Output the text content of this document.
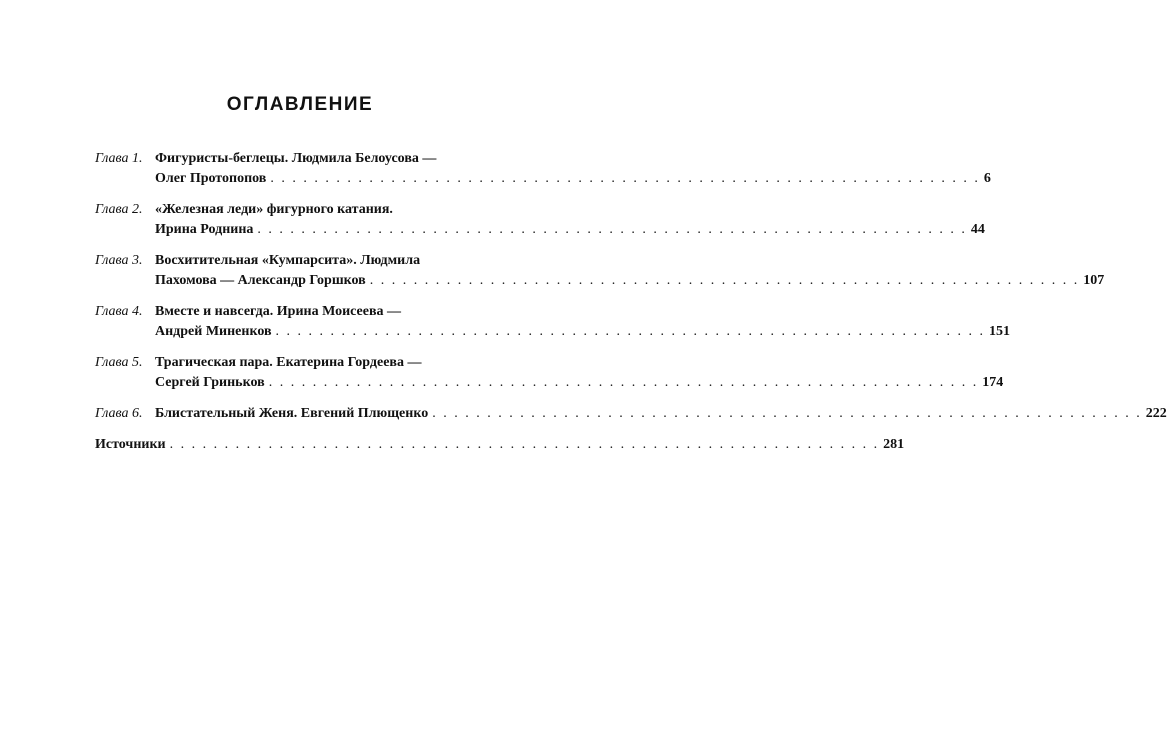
ОГЛАВЛЕНИЕ
Глава 1. Фигуристы-беглецы. Людмила Белоусова —
Олег Протопопов . . . . . . . . . . . . . . . . . . . . . . . . . . . . . . . . . . . . . . . . . . . . . . . . . . . . . . . . . . . . . . . . . 6
Глава 2. «Железная леди» фигурного катания.
Ирина Роднина . . . . . . . . . . . . . . . . . . . . . . . . . . . . . . . . . . . . . . . . . . . . . . . . . . . . . . . . . . . . . . . . . 44
Глава 3. Восхитительная «Кумпарсита». Людмила
Пахомова — Александр Горшков . . . . . . . . . . . . . . . . . . . . . . . . . . . . . . . . . . . . . . . . . . . . . . . . . . . . . . . . . . . . . . . . . 107
Глава 4. Вместе и навсегда. Ирина Моисеева —
Андрей Миненков . . . . . . . . . . . . . . . . . . . . . . . . . . . . . . . . . . . . . . . . . . . . . . . . . . . . . . . . . . . . . . . . . 151
Глава 5. Трагическая пара. Екатерина Гордеева —
Сергей Гриньков . . . . . . . . . . . . . . . . . . . . . . . . . . . . . . . . . . . . . . . . . . . . . . . . . . . . . . . . . . . . . . . . . 174
Глава 6. Блистательный Женя. Евгений Плющенко . . . . . . . . . . . . . . . . . . . . . . . . . . . . . . . . . . . . . . . . . . . . . . . . . . . . . . . . . . . . . . . . . 222
Источники . . . . . . . . . . . . . . . . . . . . . . . . . . . . . . . . . . . . . . . . . . . . . . . . . . . . . . . . . . . . . . . . . 281
